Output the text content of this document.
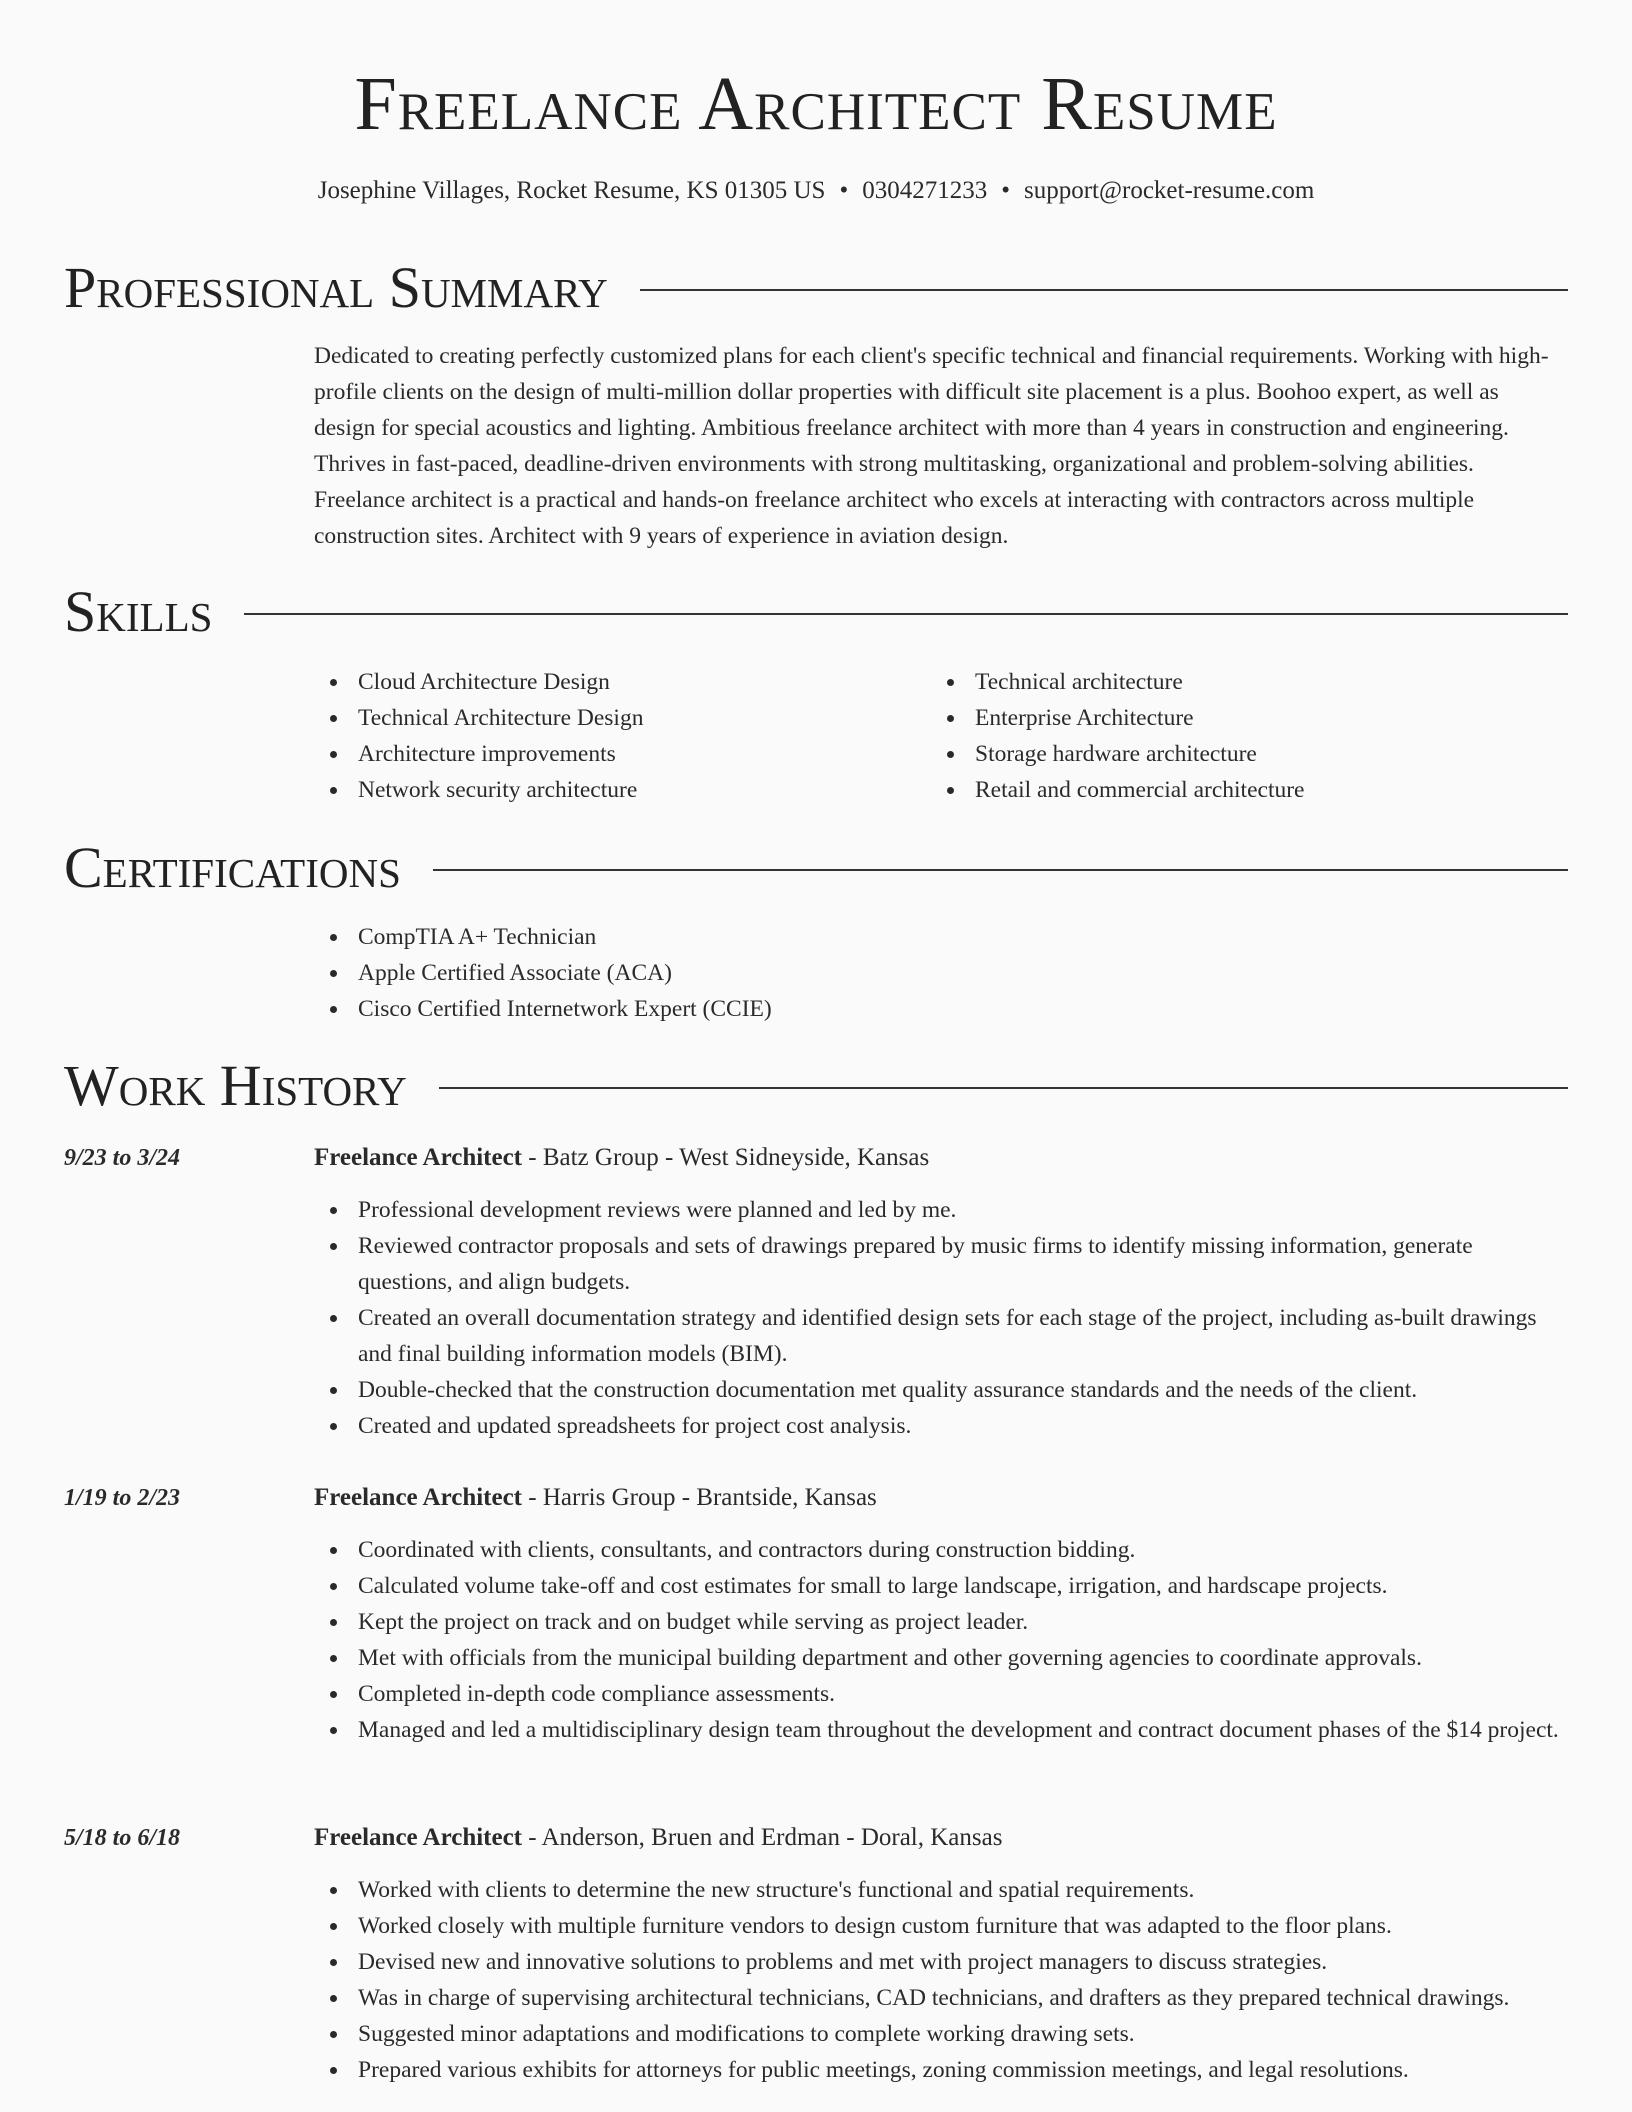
Freelance Architect Resume
Josephine Villages, Rocket Resume, KS 01305 US • 0304271233 • support@rocket-resume.com
Professional Summary

Dedicated to creating perfectly customized plans for each client's specific technical and financial requirements. Working with high-profile clients on the design of multi-million dollar properties with difficult site placement is a plus. Boohoo expert, as well as design for special acoustics and lighting. Ambitious freelance architect with more than 4 years in construction and engineering. Thrives in fast-paced, deadline-driven environments with strong multitasking, organizational and problem-solving abilities. Freelance architect is a practical and hands-on freelance architect who excels at interacting with contractors across multiple construction sites. Architect with 9 years of experience in aviation design.

Skills
Cloud Architecture Design
Technical Architecture Design
Architecture improvements
Network security architecture
Technical architecture
Enterprise Architecture
Storage hardware architecture
Retail and commercial architecture
Certifications
CompTIA A+ Technician
Apple Certified Associate (ACA)
Cisco Certified Internetwork Expert (CCIE)
Work History
9/23 to 3/24	Freelance Architect - Batz Group - West Sidneyside, Kansas
Professional development reviews were planned and led by me.
Reviewed contractor proposals and sets of drawings prepared by music firms to identify missing information, generate questions, and align budgets.
Created an overall documentation strategy and identified design sets for each stage of the project, including as-built drawings and final building information models (BIM).
Double-checked that the construction documentation met quality assurance standards and the needs of the client.
Created and updated spreadsheets for project cost analysis.
1/19 to 2/23	Freelance Architect - Harris Group - Brantside, Kansas
Coordinated with clients, consultants, and contractors during construction bidding.
Calculated volume take-off and cost estimates for small to large landscape, irrigation, and hardscape projects.
Kept the project on track and on budget while serving as project leader.
Met with officials from the municipal building department and other governing agencies to coordinate approvals.
Completed in-depth code compliance assessments.
Managed and led a multidisciplinary design team throughout the development and contract document phases of the $14 project.
5/18 to 6/18	Freelance Architect - Anderson, Bruen and Erdman - Doral, Kansas
Worked with clients to determine the new structure's functional and spatial requirements.
Worked closely with multiple furniture vendors to design custom furniture that was adapted to the floor plans.
Devised new and innovative solutions to problems and met with project managers to discuss strategies.
Was in charge of supervising architectural technicians, CAD technicians, and drafters as they prepared technical drawings.
Suggested minor adaptations and modifications to complete working drawing sets.
Prepared various exhibits for attorneys for public meetings, zoning commission meetings, and legal resolutions.
